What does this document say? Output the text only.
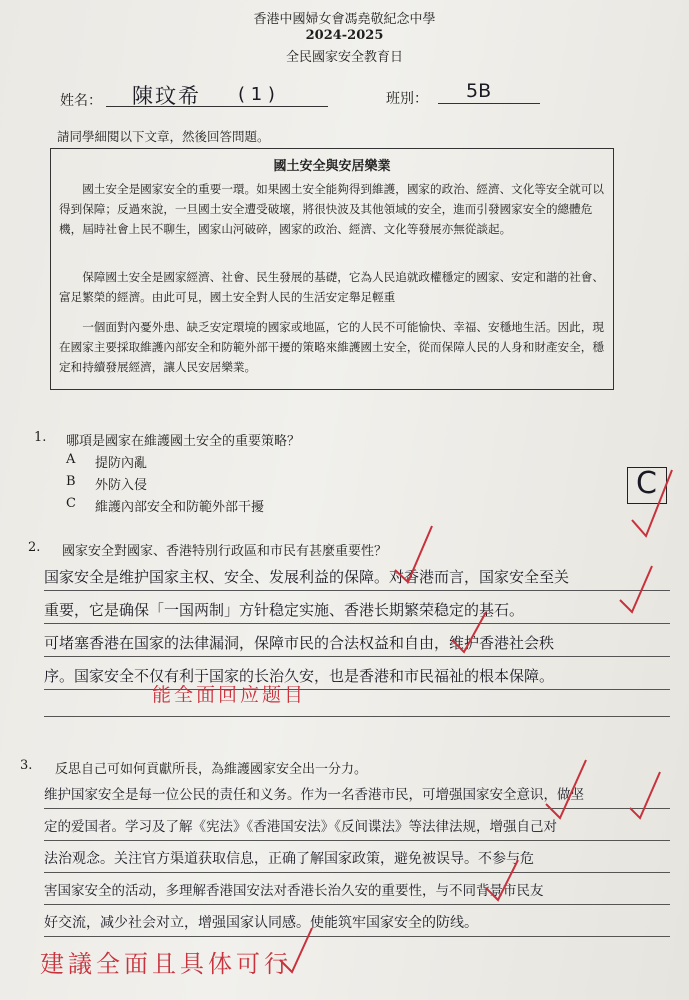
香港中國婦女會馮堯敬紀念中學
2024-2025
全民國家安全教育日
姓名： 陳玟希 ( 1 )	班別： 5B
請同學細閱以下文章，然後回答問題。
國土安全與安居樂業
國土安全是國家安全的重要一環。如果國土安全能夠得到維護，國家的政治、經濟、文化等安全就可以得到保障；反過來說，一旦國土安全遭受破壞，將很快波及其他領域的安全，進而引發國家安全的總體危機，屆時社會上民不聊生，國家山河破碎，國家的政治、經濟、文化等發展亦無從談起。
保障國土安全是國家經濟、社會、民生發展的基礎，它為人民追就政權穩定的國家、安定和諧的社會、富足繁榮的經濟。由此可見，國土安全對人民的生活安定舉足輕重
一個面對內憂外患、缺乏安定環境的國家或地區，它的人民不可能愉快、幸福、安穩地生活。因此，現在國家主要採取維護內部安全和防範外部干擾的策略來維護國土安全，從而保障人民的人身和財產安全，穩定和持續發展經濟，讓人民安居樂業。
1. 哪項是國家在維護國土安全的重要策略？
A 提防內亂
B 外防入侵
C 維護內部安全和防範外部干擾
C
2. 國家安全對國家、香港特別行政區和市民有甚麼重要性？
国家安全是维护国家主权、安全、发展利益的保障。对香港而言，国家安全至关
重要，它是确保「一国两制」方针稳定实施、香港长期繁荣稳定的基石。
可堵塞香港在国家的法律漏洞，保障市民的合法权益和自由，维护香港社会秩
序。国家安全不仅有利于国家的长治久安，也是香港和市民福祉的根本保障。
能全面回应题目
3. 反思自己可如何貢獻所長，為維護國家安全出一分力。
维护国家安全是每一位公民的责任和义务。作为一名香港市民，可增强国家安全意识，做坚
定的爱国者。学习及了解《宪法》《香港国安法》《反间谍法》等法律法规，增强自己对
法治观念。关注官方渠道获取信息，正确了解国家政策，避免被误导。不参与危
害国家安全的活动，多理解香港国安法对香港长治久安的重要性，与不同背景市民友
好交流，减少社会对立，增强国家认同感。使能筑牢国家安全的防线。
建議全面且具体可行
